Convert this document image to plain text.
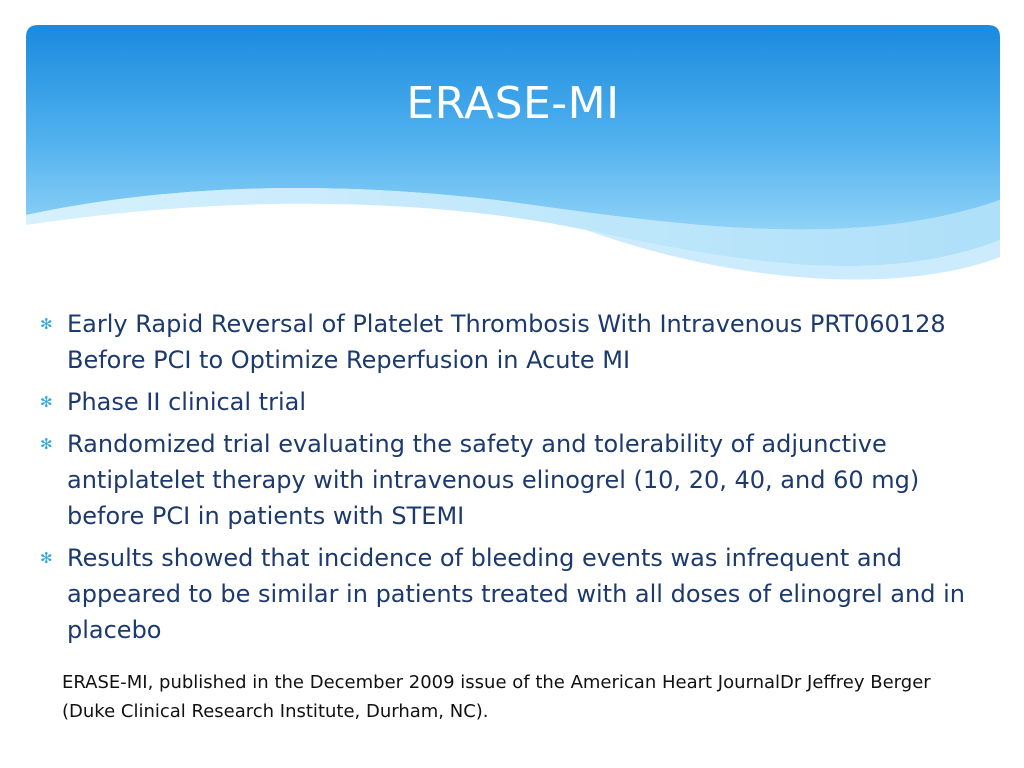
ERASE-MI
✻ Early Rapid Reversal of Platelet Thrombosis With Intravenous PRT060128 Before PCI to Optimize Reperfusion in Acute MI
✻ Phase II clinical trial
✻ Randomized trial evaluating the safety and tolerability of adjunctive antiplatelet therapy with intravenous elinogrel (10, 20, 40, and 60 mg) before PCI in patients with STEMI
✻ Results showed that incidence of bleeding events was infrequent and appeared to be similar in patients treated with all doses of elinogrel and in placebo

ERASE-MI, published in the December 2009 issue of the American Heart JournalDr Jeffrey Berger (Duke Clinical Research Institute, Durham, NC).
